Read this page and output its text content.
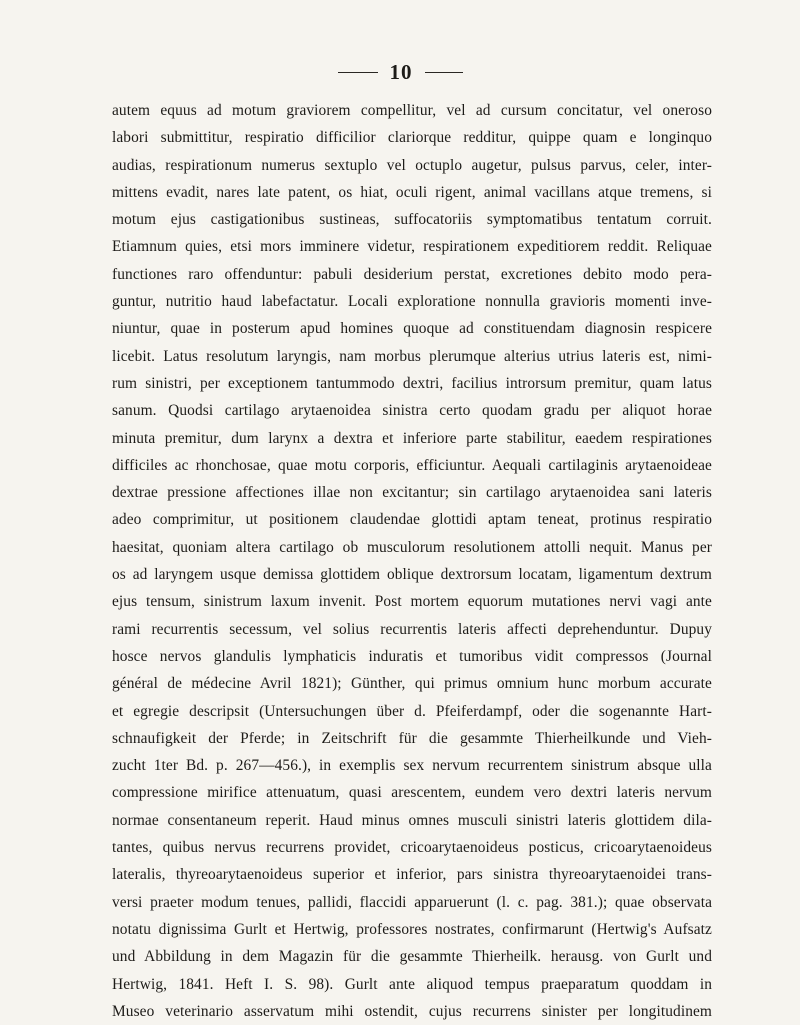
10
autem equus ad motum graviorem compellitur, vel ad cursum concitatur, vel oneroso
labori submittitur, respiratio difficilior clariorque redditur, quippe quam e longinquo
audias, respirationum numerus sextuplo vel octuplo augetur, pulsus parvus, celer, inter-
mittens evadit, nares late patent, os hiat, oculi rigent, animal vacillans atque tremens, si
motum ejus castigationibus sustineas, suffocatoriis symptomatibus tentatum corruit.
Etiamnum quies, etsi mors imminere videtur, respirationem expeditiorem reddit. Reliquae
functiones raro offenduntur: pabuli desiderium perstat, excretiones debito modo pera-
guntur, nutritio haud labefactatur. Locali exploratione nonnulla gravioris momenti inve-
niuntur, quae in posterum apud homines quoque ad constituendam diagnosin respicere
licebit. Latus resolutum laryngis, nam morbus plerumque alterius utrius lateris est, nimi-
rum sinistri, per exceptionem tantummodo dextri, facilius introrsum premitur, quam latus
sanum. Quodsi cartilago arytaenoidea sinistra certo quodam gradu per aliquot horae
minuta premitur, dum larynx a dextra et inferiore parte stabilitur, eaedem respirationes
difficiles ac rhonchosae, quae motu corporis, efficiuntur. Aequali cartilaginis arytaenoideae
dextrae pressione affectiones illae non excitantur; sin cartilago arytaenoidea sani lateris
adeo comprimitur, ut positionem claudendae glottidi aptam teneat, protinus respiratio
haesitat, quoniam altera cartilago ob musculorum resolutionem attolli nequit. Manus per
os ad laryngem usque demissa glottidem oblique dextrorsum locatam, ligamentum dextrum
ejus tensum, sinistrum laxum invenit. Post mortem equorum mutationes nervi vagi ante
rami recurrentis secessum, vel solius recurrentis lateris affecti deprehenduntur. Dupuy
hosce nervos glandulis lymphaticis induratis et tumoribus vidit compressos (Journal
général de médecine Avril 1821); Günther, qui primus omnium hunc morbum accurate
et egregie descripsit (Untersuchungen über d. Pfeiferdampf, oder die sogenannte Hart-
schnaufigkeit der Pferde; in Zeitschrift für die gesammte Thierheilkunde und Vieh-
zucht 1ter Bd. p. 267—456.), in exemplis sex nervum recurrentem sinistrum absque ulla
compressione mirifice attenuatum, quasi arescentem, eundem vero dextri lateris nervum
normae consentaneum reperit. Haud minus omnes musculi sinistri lateris glottidem dila-
tantes, quibus nervus recurrens providet, cricoarytaenoideus posticus, cricoarytaenoideus
lateralis, thyreoarytaenoideus superior et inferior, pars sinistra thyreoarytaenoidei trans-
versi praeter modum tenues, pallidi, flaccidi apparuerunt (l. c. pag. 381.); quae observata
notatu dignissima Gurlt et Hertwig, professores nostrates, confirmarunt (Hertwig's Aufsatz
und Abbildung in dem Magazin für die gesammte Thierheilk. herausg. von Gurlt und
Hertwig, 1841. Heft I. S. 98). Gurlt ante aliquod tempus praeparatum quoddam in
Museo veterinario asservatum mihi ostendit, cujus recurrens sinister per longitudinem
